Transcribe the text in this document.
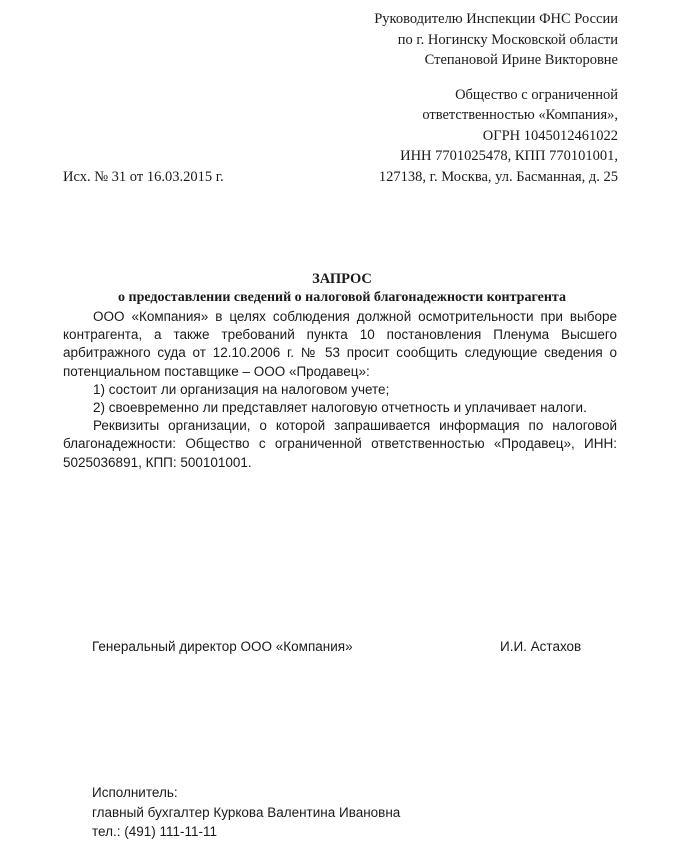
Руководителю Инспекции ФНС России
по г. Ногинску Московской области
Степановой Ирине Викторовне
Общество с ограниченной
ответственностью «Компания»,
ОГРН 1045012461022
ИНН 7701025478, КПП 770101001,
127138, г. Москва, ул. Басманная, д. 25
Исх. № 31 от 16.03.2015 г.
ЗАПРОС
о предоставлении сведений о налоговой благонадежности контрагента

ООО «Компания» в целях соблюдения должной осмотрительности при выборе контрагента, а также требований пункта 10 постановления Пленума Высшего арбитражного суда от 12.10.2006 г. № 53 просит сообщить следующие сведения о потенциальном поставщике – ООО «Продавец»:

1) состоит ли организация на налоговом учете;

2) своевременно ли представляет налоговую отчетность и уплачивает налоги.

Реквизиты организации, о которой запрашивается информация по налоговой благонадежности: Общество с ограниченной ответственностью «Продавец», ИНН: 5025036891, КПП: 500101001.

Генеральный директор ООО «Компания»	И.И. Астахов
Исполнитель:
главный бухгалтер Куркова Валентина Ивановна
тел.: (491) 111-11-11
